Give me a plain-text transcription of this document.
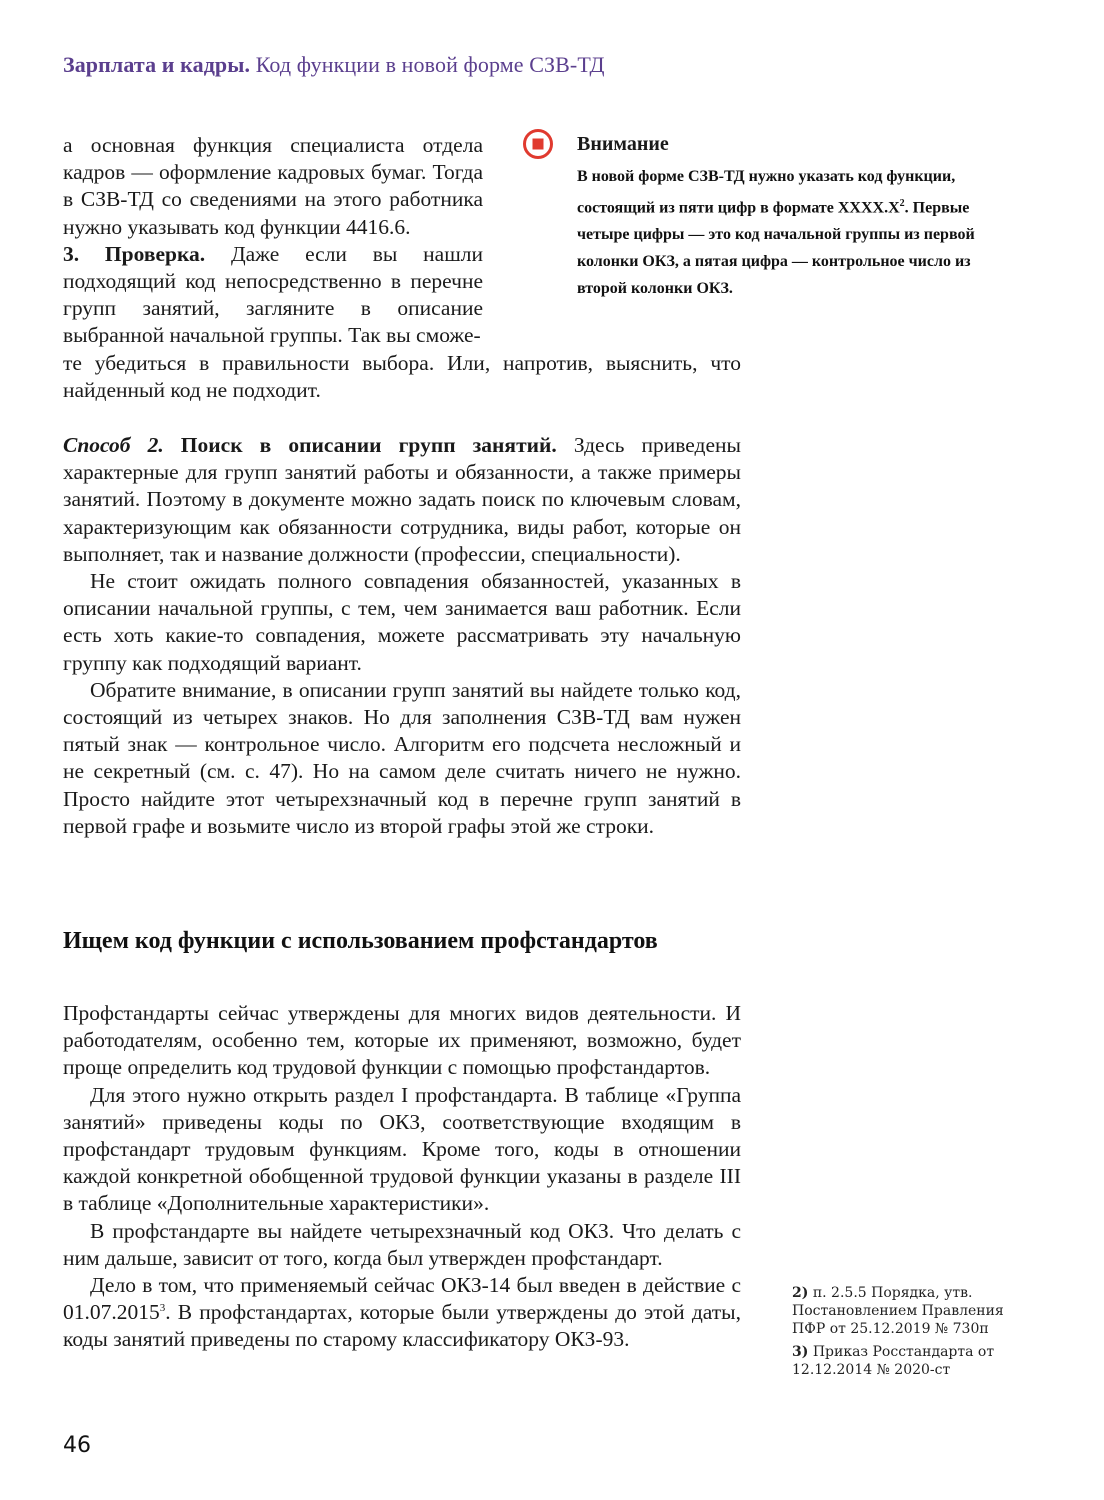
Зарплата и кадры. Код функции в новой форме СЗВ-ТД

а основная функция специалиста отдела кадров — оформление кадровых бумаг. Тогда в СЗВ-ТД со сведениями на этого работника нужно указывать код функции 4416.6.

3. Проверка. Даже если вы нашли подходящий код непосредственно в перечне групп занятий, загляните в описание выбранной начальной группы. Так вы сможе-

Внимание
В новой форме СЗВ-ТД нужно указать код функции, состоящий из пяти цифр в формате $XXXX.X^2$. Первые четыре цифры — это код начальной группы из первой колонки ОКЗ, а пятая цифра — контрольное число из второй колонки ОКЗ.

те убедиться в правильности выбора. Или, напротив, выяснить, что найденный код не подходит.

Способ 2. Поиск в описании групп занятий. Здесь приведены характерные для групп занятий работы и обязанности, а также примеры занятий. Поэтому в документе можно задать поиск по ключевым словам, характеризующим как обязанности сотрудника, виды работ, которые он выполняет, так и название должности (профессии, специальности).

Не стоит ожидать полного совпадения обязанностей, указанных в описании начальной группы, с тем, чем занимается ваш работник. Если есть хоть какие-то совпадения, можете рассматривать эту начальную группу как подходящий вариант.

Обратите внимание, в описании групп занятий вы найдете только код, состоящий из четырех знаков. Но для заполнения СЗВ-ТД вам нужен пятый знак — контрольное число. Алгоритм его подсчета несложный и не секретный (см. с. 47). Но на самом деле считать ничего не нужно. Просто найдите этот четырехзначный код в перечне групп занятий в первой графе и возьмите число из второй графы этой же строки.

Ищем код функции с использованием профстандартов

Профстандарты сейчас утверждены для многих видов деятельности. И работодателям, особенно тем, которые их применяют, возможно, будет проще определить код трудовой функции с помощью профстандартов.

Для этого нужно открыть раздел I профстандарта. В таблице «Группа занятий» приведены коды по ОКЗ, соответствующие входящим в профстандарт трудовым функциям. Кроме того, коды в отношении каждой конкретной обобщенной трудовой функции указаны в разделе III в таблице «Дополнительные характеристики».

В профстандарте вы найдете четырехзначный код ОКЗ. Что делать с ним дальше, зависит от того, когда был утвержден профстандарт.

Дело в том, что применяемый сейчас ОКЗ-14 был введен в действие с 01.07.2015$^3$. В профстандартах, которые были утверждены до этой даты, коды занятий приведены по старому классификатору ОКЗ-93.

2) п. 2.5.5 Порядка, утв. Постановлением Правления ПФР от 25.12.2019 № 730п

3) Приказ Росстандарта от 12.12.2014 № 2020-ст

46
